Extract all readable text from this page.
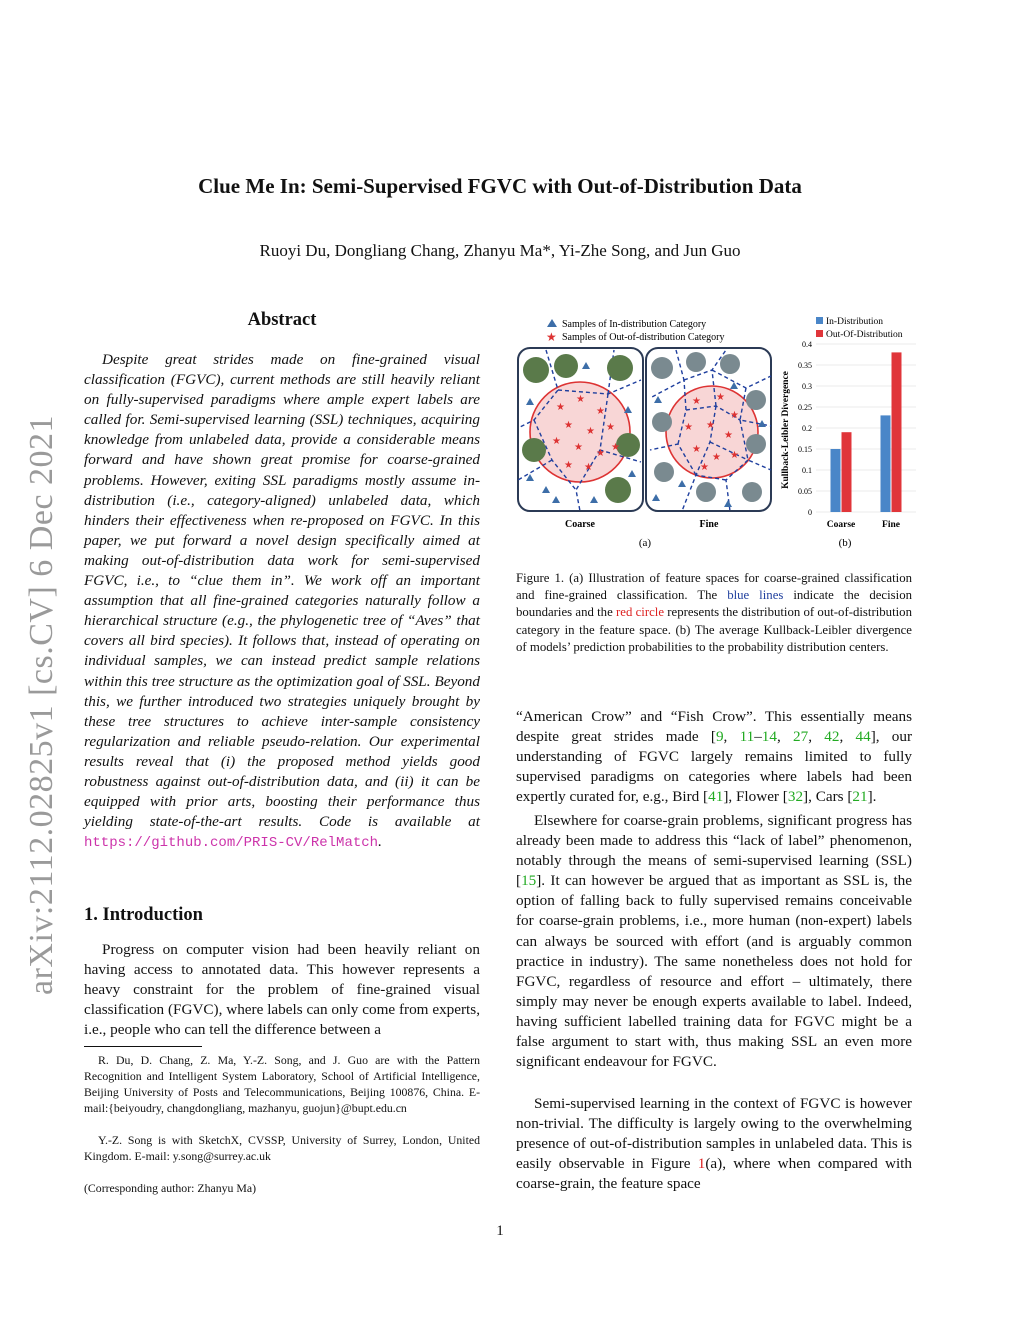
arXiv:2112.02825v1 [cs.CV] 6 Dec 2021
Clue Me In: Semi-Supervised FGVC with Out-of-Distribution Data
Ruoyi Du, Dongliang Chang, Zhanyu Ma*, Yi-Zhe Song, and Jun Guo
Abstract
Despite great strides made on fine-grained visual classification (FGVC), current methods are still heavily reliant on fully-supervised paradigms where ample expert labels are called for. Semi-supervised learning (SSL) techniques, acquiring knowledge from unlabeled data, provide a considerable means forward and have shown great promise for coarse-grained problems. However, exiting SSL paradigms mostly assume in-distribution (i.e., category-aligned) unlabeled data, which hinders their effectiveness when re-proposed on FGVC. In this paper, we put forward a novel design specifically aimed at making out-of-distribution data work for semi-supervised FGVC, i.e., to “clue them in”. We work off an important assumption that all fine-grained categories naturally follow a hierarchical structure (e.g., the phylogenetic tree of “Aves” that covers all bird species). It follows that, instead of operating on individual samples, we can instead predict sample relations within this tree structure as the optimization goal of SSL. Beyond this, we further introduced two strategies uniquely brought by these tree structures to achieve inter-sample consistency regularization and reliable pseudo-relation. Our experimental results reveal that (i) the proposed method yields good robustness against out-of-distribution data, and (ii) it can be equipped with prior arts, boosting their performance thus yielding state-of-the-art results. Code is available at https://github.com/PRIS-CV/RelMatch.
1. Introduction
Progress on computer vision had been heavily reliant on having access to annotated data. This however represents a heavy constraint for the problem of fine-grained visual classification (FGVC), where labels can only come from experts, i.e., people who can tell the difference between a
R. Du, D. Chang, Z. Ma, Y.-Z. Song, and J. Guo are with the Pattern Recognition and Intelligent System Laboratory, School of Artificial Intelligence, Beijing University of Posts and Telecommunications, Beijing 100876, China. E-mail:{beiyoudry, changdongliang, mazhanyu, guojun}@bupt.edu.cn
Y.-Z. Song is with SketchX, CVSSP, University of Surrey, London, United Kingdom. E-mail: y.song@surrey.ac.uk
(Corresponding author: Zhanyu Ma)
Samples of In-distribution Category
★ Samples of Out-of-distribution Category
★
★
★
★
★ ★
★
★
★
★ ★
★
★ ★
★
★ ★
★
★
★ ★
★
Coarse	Fine
(a)
Kullback-Leibler Divergence
In-Distribution
Out-Of-Distribution
0
0.05
0.1
0.15
0.2
0.25
0.3
0.35
0.4
Coarse	Fine
(b)
Figure 1. (a) Illustration of feature spaces for coarse-grained classification and fine-grained classification. The blue lines indicate the decision boundaries and the red circle represents the distribution of out-of-distribution category in the feature space. (b) The average Kullback-Leibler divergence of models’ prediction probabilities to the probability distribution centers.
“American Crow” and “Fish Crow”. This essentially means despite great strides made [9, 11–14, 27, 42, 44], our understanding of FGVC largely remains limited to fully supervised paradigms on categories where labels had been expertly curated for, e.g., Bird [41], Flower [32], Cars [21].
Elsewhere for coarse-grain problems, significant progress has already been made to address this “lack of label” phenomenon, notably through the means of semi-supervised learning (SSL) [15]. It can however be argued that as important as SSL is, the option of falling back to fully supervised remains conceivable for coarse-grain problems, i.e., more human (non-expert) labels can always be sourced with effort (and is arguably common practice in industry). The same nonetheless does not hold for FGVC, regardless of resource and effort – ultimately, there simply may never be enough experts available to label. Indeed, having sufficient labelled training data for FGVC might be a false argument to start with, thus making SSL an even more significant endeavour for FGVC.
Semi-supervised learning in the context of FGVC is however non-trivial. The difficulty is largely owing to the overwhelming presence of out-of-distribution samples in unlabeled data. This is easily observable in Figure 1(a), where when compared with coarse-grain, the feature space
1
